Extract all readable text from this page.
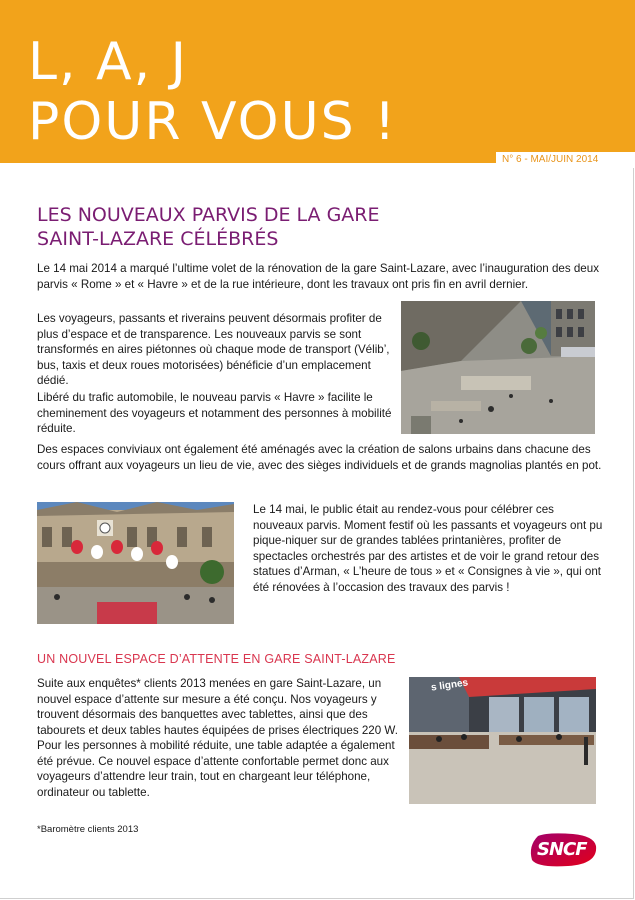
L, A, J
POUR VOUS !
N° 6 - MAI/JUIN 2014
LES NOUVEAUX PARVIS DE LA GARE
SAINT-LAZARE CÉLÉBRÉS

Le 14 mai 2014 a marqué l’ultime volet de la rénovation de la gare Saint-Lazare, avec l’inauguration des deux parvis « Rome » et « Havre » et de la rue intérieure, dont les travaux ont pris fin en avril dernier.

Les voyageurs, passants et riverains peuvent désormais profiter de plus d’espace et de transparence. Les nouveaux parvis se sont transformés en aires piétonnes où chaque mode de transport (Vélib’, bus, taxis et deux roues motorisées) bénéficie d’un emplacement dédié.

Libéré du trafic automobile, le nouveau parvis « Havre » facilite le cheminement des voyageurs et notamment des personnes à mobilité réduite.

Des espaces conviviaux ont également été aménagés avec la création de salons urbains dans chacune des cours offrant aux voyageurs un lieu de vie, avec des sièges individuels et de grands magnolias plantés en pot.

Le 14 mai, le public était au rendez-vous pour célébrer ces nouveaux parvis. Moment festif où les passants et voyageurs ont pu pique-niquer sur de grandes tablées printanières, profiter de spectacles orchestrés par des artistes et de voir le grand retour des statues d’Arman, « L’heure de tous » et « Consignes à vie », qui ont été rénovées à l’occasion des travaux des parvis !

UN NOUVEL ESPACE D’ATTENTE EN GARE SAINT-LAZARE

Suite aux enquêtes* clients 2013 menées en gare Saint-Lazare, un nouvel espace d’attente sur mesure a été conçu. Nos voyageurs y trouvent désormais des banquettes avec tablettes, ainsi que des tabourets et deux tables hautes équipées de prises électriques 220 W. Pour les personnes à mobilité réduite, une table adaptée a également été prévue. Ce nouvel espace d’attente confortable permet donc aux voyageurs d’attendre leur train, tout en chargeant leur téléphone, ordinateur ou tablette.

s lignes
*Baromètre clients 2013
SNCF
